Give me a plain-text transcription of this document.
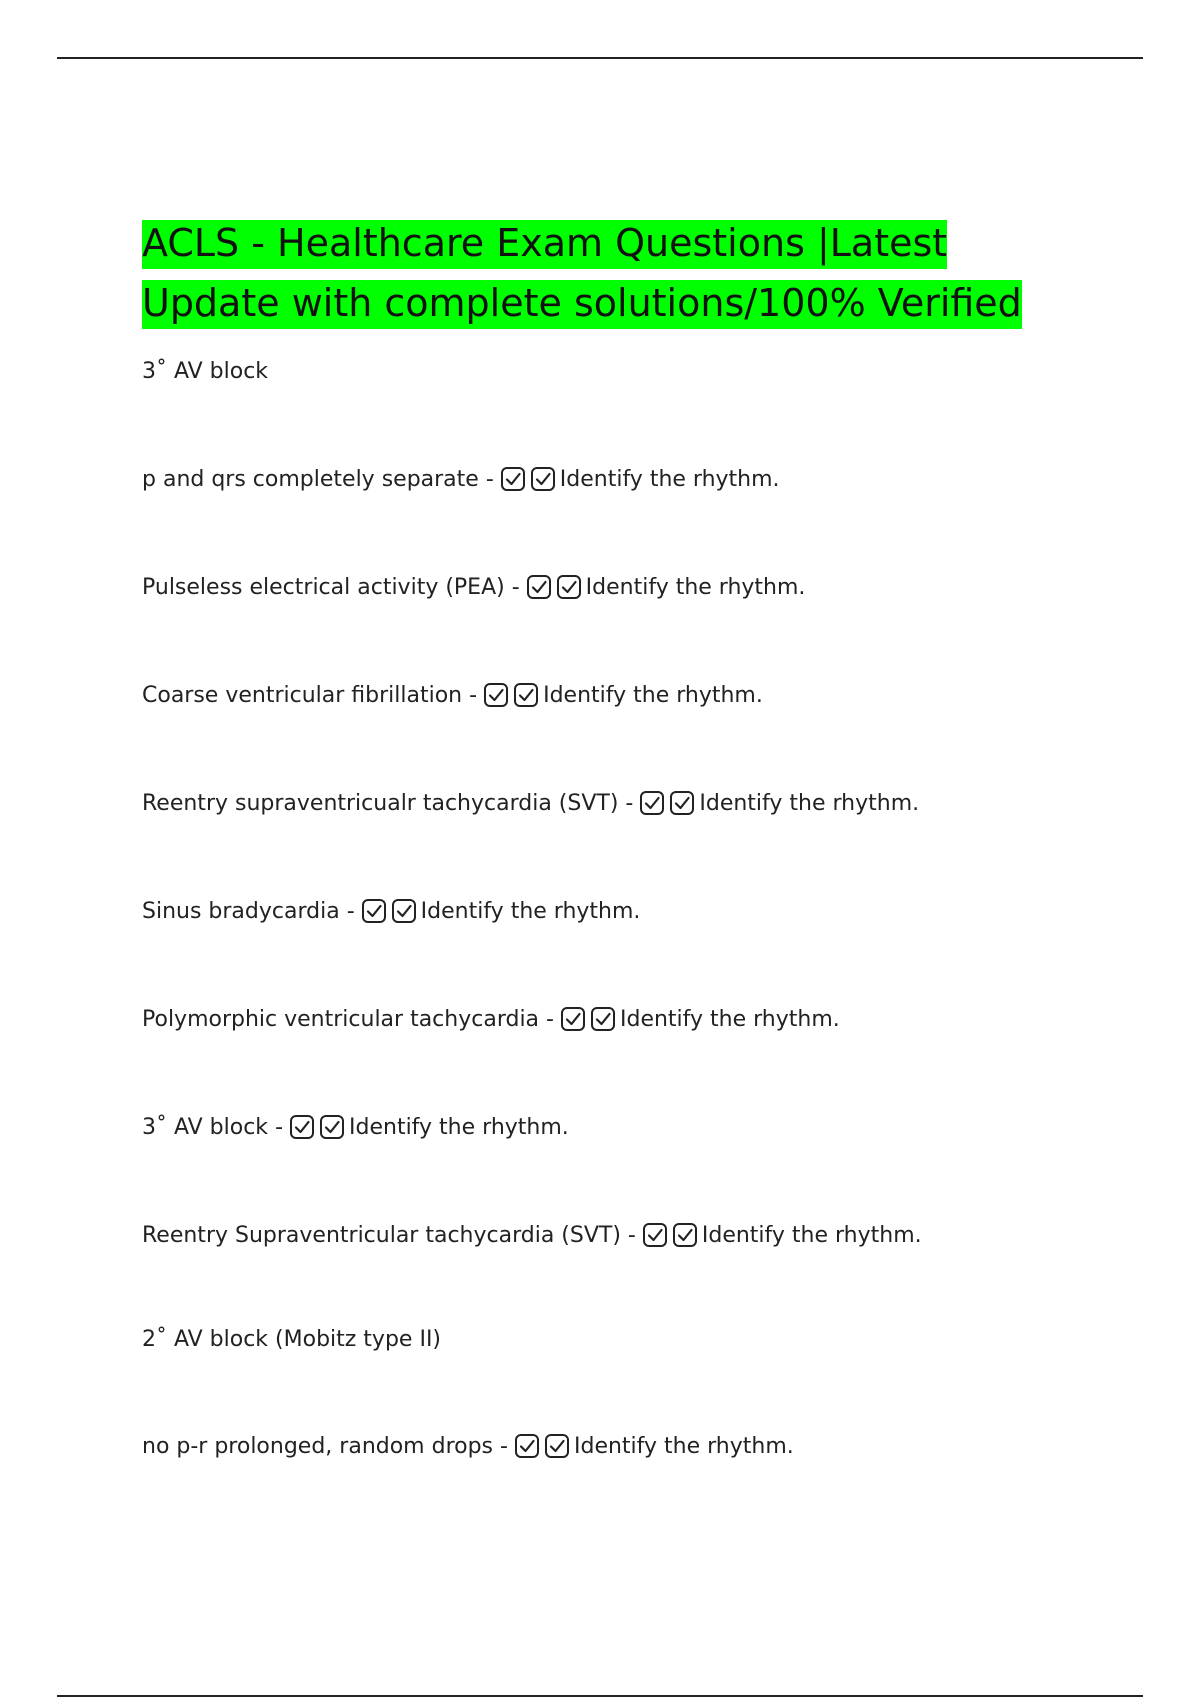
ACLS - Healthcare Exam Questions |Latest
Update with complete solutions/100% Verified

3˚ AV block

p and qrs completely separate -	Identify the rhythm.

Pulseless electrical activity (PEA) -	Identify the rhythm.

Coarse ventricular fibrillation -	Identify the rhythm.

Reentry supraventricualr tachycardia (SVT) -	Identify the rhythm.

Sinus bradycardia -	Identify the rhythm.

Polymorphic ventricular tachycardia -	Identify the rhythm.

3˚ AV block -	Identify the rhythm.

Reentry Supraventricular tachycardia (SVT) -	Identify the rhythm.

2˚ AV block (Mobitz type II)

no p-r prolonged, random drops -	Identify the rhythm.
